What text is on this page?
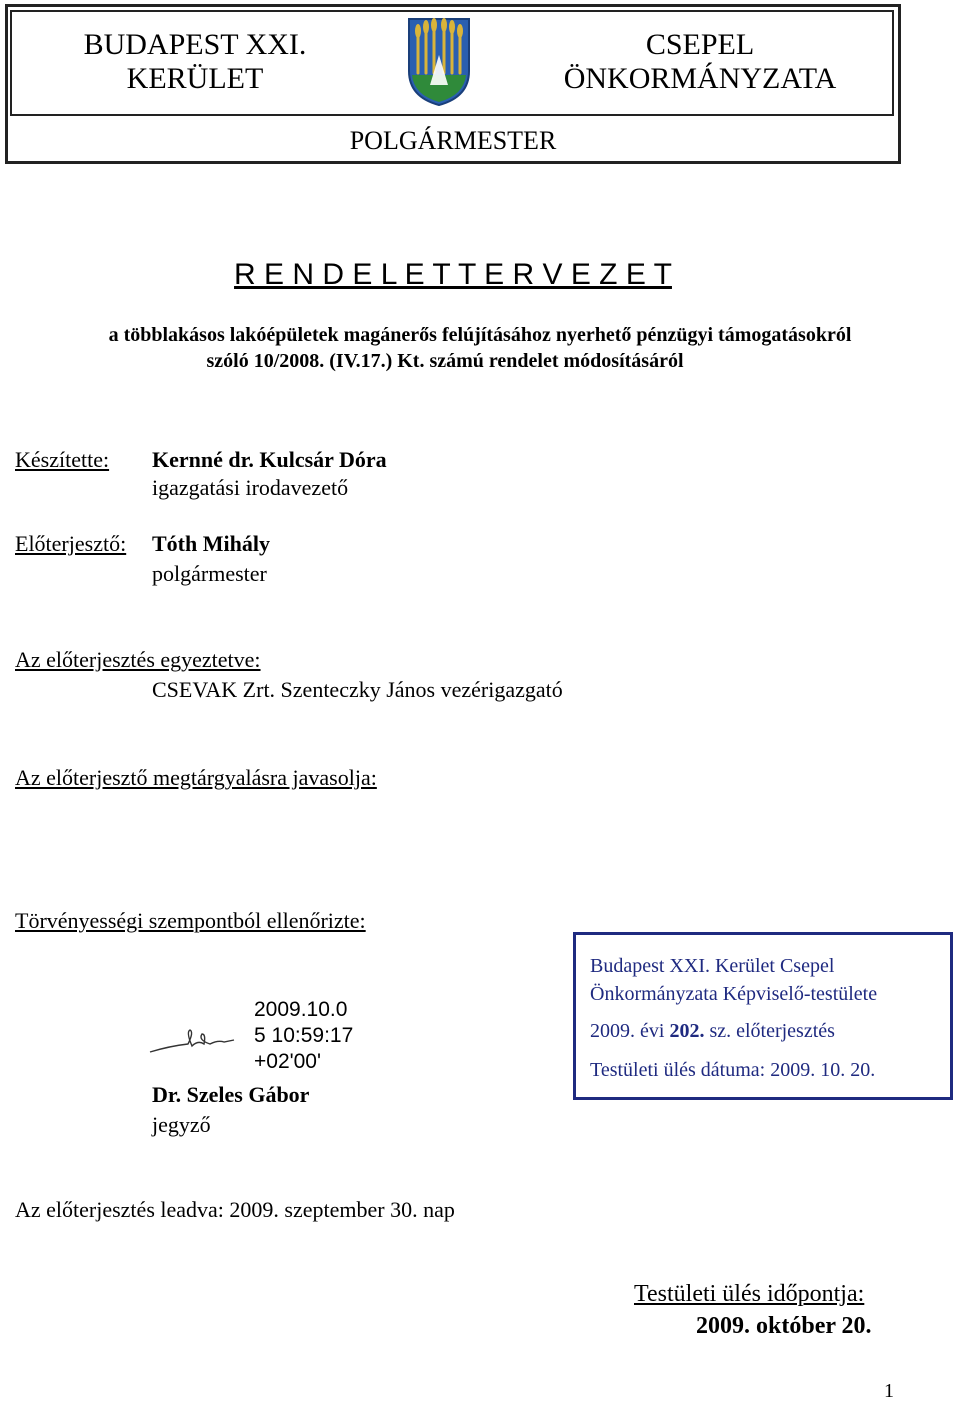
BUDAPEST XXI.
KERÜLET
CSEPEL
ÖNKORMÁNYZATA
POLGÁRMESTER
R E N D E L E T T E R V E Z E T
a többlakásos lakóépületek magánerős felújításához nyerhető pénzügyi támogatásokról
szóló 10/2008. (IV.17.) Kt. számú rendelet módosításáról
Készítette: Kernné dr. Kulcsár Dóra
igazgatási irodavezető
Előterjesztő: Tóth Mihály
polgármester
Az előterjesztés egyeztetve:
CSEVAK Zrt. Szenteczky János vezérigazgató
Az előterjesztő megtárgyalásra javasolja:
Törvényességi szempontból ellenőrizte:
2009.10.0
5 10:59:17
+02'00'
Dr. Szeles Gábor
jegyző
Budapest XXI. Kerület Csepel
Önkormányzata Képviselő-testülete
2009. évi 202. sz. előterjesztés
Testületi ülés dátuma: 2009. 10. 20.
Az előterjesztés leadva: 2009. szeptember 30. nap
Testületi ülés időpontja:
2009. október 20.
1
